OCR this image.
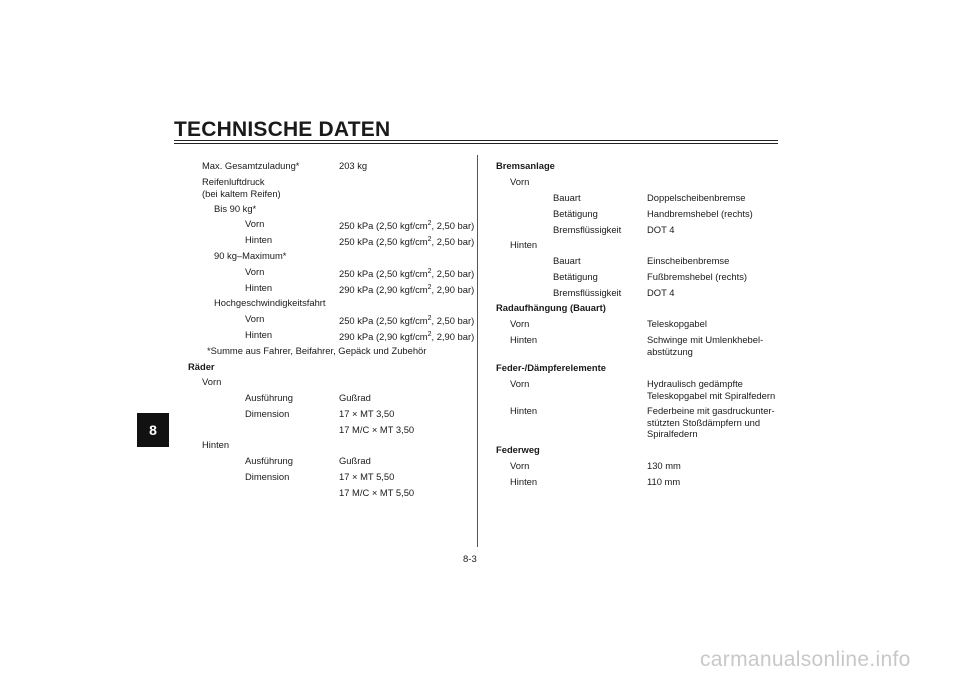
TECHNISCHE DATEN
8
Max. Gesamtzuladung*	203 kg
Reifenluftdruck
(bei kaltem Reifen)
Bis 90 kg*
Vorn	250 kPa (2,50 kgf/$cm^2$, 2,50 bar)
Hinten	250 kPa (2,50 kgf/$cm^2$, 2,50 bar)
90 kg–Maximum*
Vorn	250 kPa (2,50 kgf/$cm^2$, 2,50 bar)
Hinten	290 kPa (2,90 kgf/$cm^2$, 2,90 bar)
Hochgeschwindigkeitsfahrt
Vorn	250 kPa (2,50 kgf/$cm^2$, 2,50 bar)
Hinten	290 kPa (2,90 kgf/$cm^2$, 2,90 bar)
*Summe aus Fahrer, Beifahrer, Gepäck und Zubehör
Räder
Vorn
Ausführung	Gußrad
Dimension	17 × MT 3,50
17 M/C × MT 3,50
Hinten
Ausführung	Gußrad
Dimension	17 × MT 5,50
17 M/C × MT 5,50
Bremsanlage
Vorn
Bauart	Doppelscheibenbremse
Betätigung	Handbremshebel (rechts)
Bremsflüssigkeit	DOT 4
Hinten
Bauart	Einscheibenbremse
Betätigung	Fußbremshebel (rechts)
Bremsflüssigkeit	DOT 4
Radaufhängung (Bauart)
Vorn	Teleskopgabel
Hinten	Schwinge mit Umlenkhebel-
abstützung
Feder-/Dämpferelemente
Vorn	Hydraulisch gedämpfte
Teleskopgabel mit Spiralfedern
Hinten	Federbeine mit gasdruckunter-
stützten Stoßdämpfern und
Spiralfedern
Federweg
Vorn	130 mm
Hinten	110 mm
8-3
carmanualsonline.info
